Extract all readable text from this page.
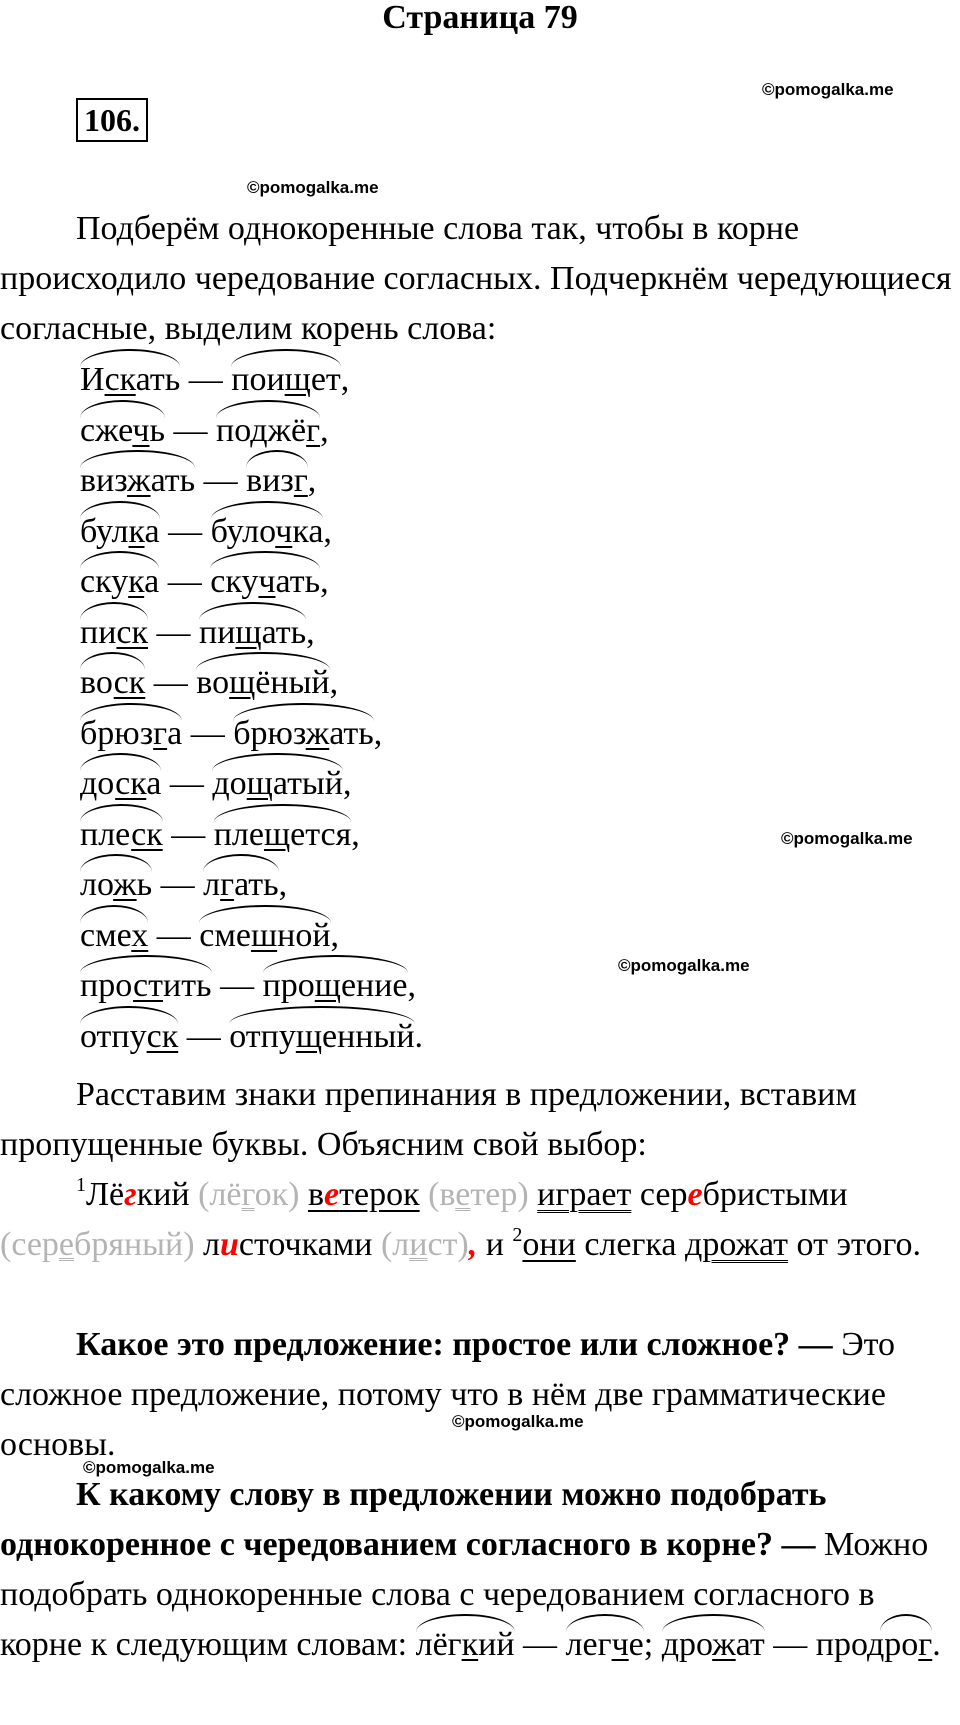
Страница 79
106.
©pomogalka.me
©pomogalka.me
©pomogalka.me
©pomogalka.me
©pomogalka.me
©pomogalka.me
Подберём однокоренные слова так, чтобы в корне происходило чередование согласных. Подчеркнём чередующиеся согласные, выделим корень слова:
Искать —
поищет,
сжечь —
поджёг,
визжать —
визг,
булка —
булочка,
скука —
скучать,
писк —
пищать,
воск —
вощёный,
брюзга —
брюзжать,
доска —
дощатый,
плеск —
плещется,
ложь —
лгать,
смех —
смешной,
простить —
прощение,
отпуск —
отпущенный.
Расставим знаки препинания в предложении, вставим пропущенные буквы. Объясним свой выбор:
$^1$Лёгкий (лёгок) ветерок (ветер) играет серебристыми (серебряный) листочками (лист), и $^2$они слегка дрожат от этого.
Какое это предложение: простое или сложное? — Это сложное предложение, потому что в нём две грамматические основы.
К какому слову в предложении можно подобрать однокоренное с чередованием согласного в корне? — Можно подобрать однокоренные слова с чередованием согласного в корне к следующим словам: лёгкий — легче; дрожат — продрог.
